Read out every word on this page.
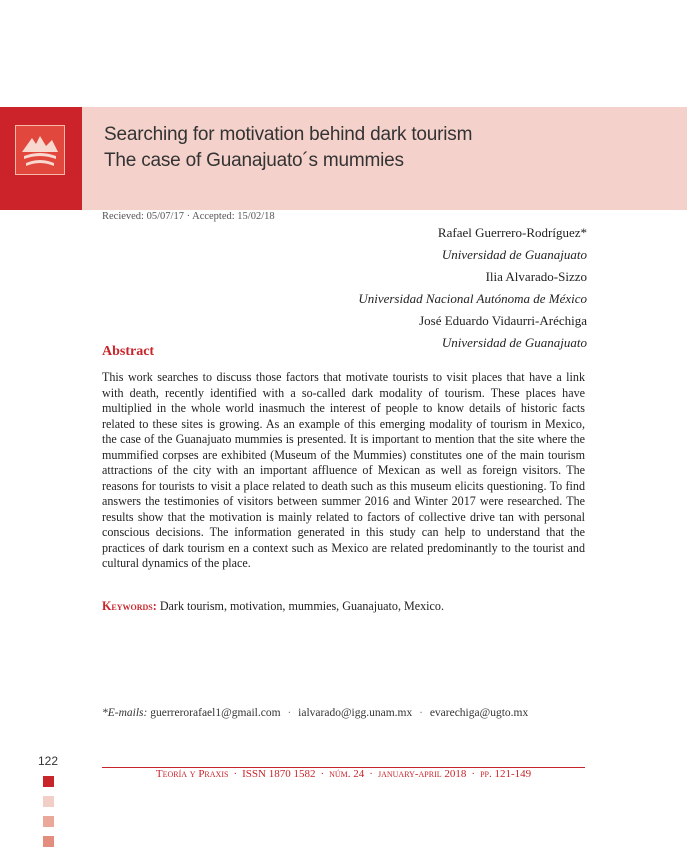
Searching for motivation behind dark tourism
The case of Guanajuato´s mummies
Recieved: 05/07/17 · Accepted: 15/02/18
Rafael Guerrero-Rodríguez*
Universidad de Guanajuato
Ilia Alvarado-Sizzo
Universidad Nacional Autónoma de México
José Eduardo Vidaurri-Aréchiga
Universidad de Guanajuato
Abstract
This work searches to discuss those factors that motivate tourists to visit places that have a link with death, recently identified with a so-called dark modality of tourism. These places have multiplied in the whole world inasmuch the interest of people to know details of historic facts related to these sites is growing. As an example of this emerging modality of tourism in Mexico, the case of the Guanajuato mummies is presented. It is important to mention that the site where the mummified corpses are exhibited (Museum of the Mummies) constitutes one of the main tourism attractions of the city with an important affluence of Mexican as well as foreign visitors. The reasons for tourists to visit a place related to death such as this museum elicits questioning. To find answers the testimonies of visitors between summer 2016 and Winter 2017 were researched. The results show that the motivation is mainly related to factors of collective drive tan with personal conscious decisions. The information generated in this study can help to understand that the practices of dark tourism en a context such as Mexico are related predominantly to the tourist and cultural dynamics of the place.
Keywords: Dark tourism, motivation, mummies, Guanajuato, Mexico.
*E-mails: guerrerorafael1@gmail.com · ialvarado@igg.unam.mx · evarechiga@ugto.mx
122
Teoría y Praxis · ISSN 1870 1582 · núm. 24 · january-april 2018 · pp. 121-149
